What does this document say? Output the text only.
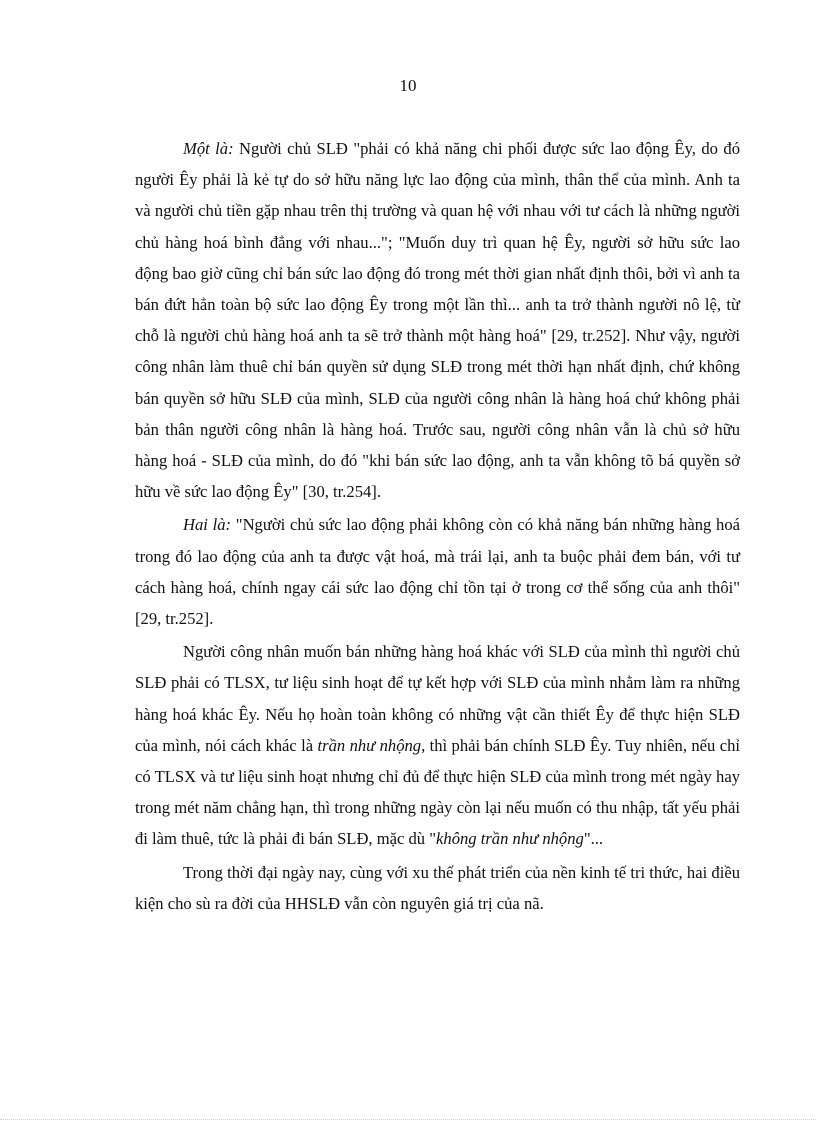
10

Một là: Người chủ SLĐ "phải có khả năng chi phối được sức lao động Êy, do đó người Êy phải là kẻ tự do sở hữu năng lực lao động của mình, thân thể của mình. Anh ta và người chủ tiền gặp nhau trên thị trường và quan hệ với nhau với tư cách là những người chủ hàng hoá bình đẳng với nhau..."; "Muốn duy trì quan hệ Êy, người sở hữu sức lao động bao giờ cũng chỉ bán sức lao động đó trong mét thời gian nhất định thôi, bởi vì anh ta bán đứt hẳn toàn bộ sức lao động Êy trong một lần thì... anh ta trở thành người nô lệ, từ chỗ là người chủ hàng hoá anh ta sẽ trở thành một hàng hoá" [29, tr.252]. Như vậy, người công nhân làm thuê chỉ bán quyền sử dụng SLĐ trong mét thời hạn nhất định, chứ không bán quyền sở hữu SLĐ của mình, SLĐ của người công nhân là hàng hoá chứ không phải bản thân người công nhân là hàng hoá. Trước sau, người công nhân vẫn là chủ sở hữu hàng hoá - SLĐ của mình, do đó "khi bán sức lao động, anh ta vẫn không tõ bá quyền sở hữu về sức lao động Êy" [30, tr.254].

Hai là: "Người chủ sức lao động phải không còn có khả năng bán những hàng hoá trong đó lao động của anh ta được vật hoá, mà trái lại, anh ta buộc phải đem bán, với tư cách hàng hoá, chính ngay cái sức lao động chỉ tồn tại ở trong cơ thể sống của anh thôi" [29, tr.252].

Người công nhân muốn bán những hàng hoá khác với SLĐ của mình thì người chủ SLĐ phải có TLSX, tư liệu sinh hoạt để tự kết hợp với SLĐ của mình nhằm làm ra những hàng hoá khác Êy. Nếu họ hoàn toàn không có những vật cần thiết Êy để thực hiện SLĐ của mình, nói cách khác là trần như nhộng, thì phải bán chính SLĐ Êy. Tuy nhiên, nếu chỉ có TLSX và tư liệu sinh hoạt nhưng chỉ đủ để thực hiện SLĐ của mình trong mét ngày hay trong mét năm chẳng hạn, thì trong những ngày còn lại nếu muốn có thu nhập, tất yếu phải đi làm thuê, tức là phải đi bán SLĐ, mặc dù "không trần như nhộng"...

Trong thời đại ngày nay, cùng với xu thế phát triển của nền kinh tế tri thức, hai điều kiện cho sù ra đời của HHSLĐ vẫn còn nguyên giá trị của nã.
